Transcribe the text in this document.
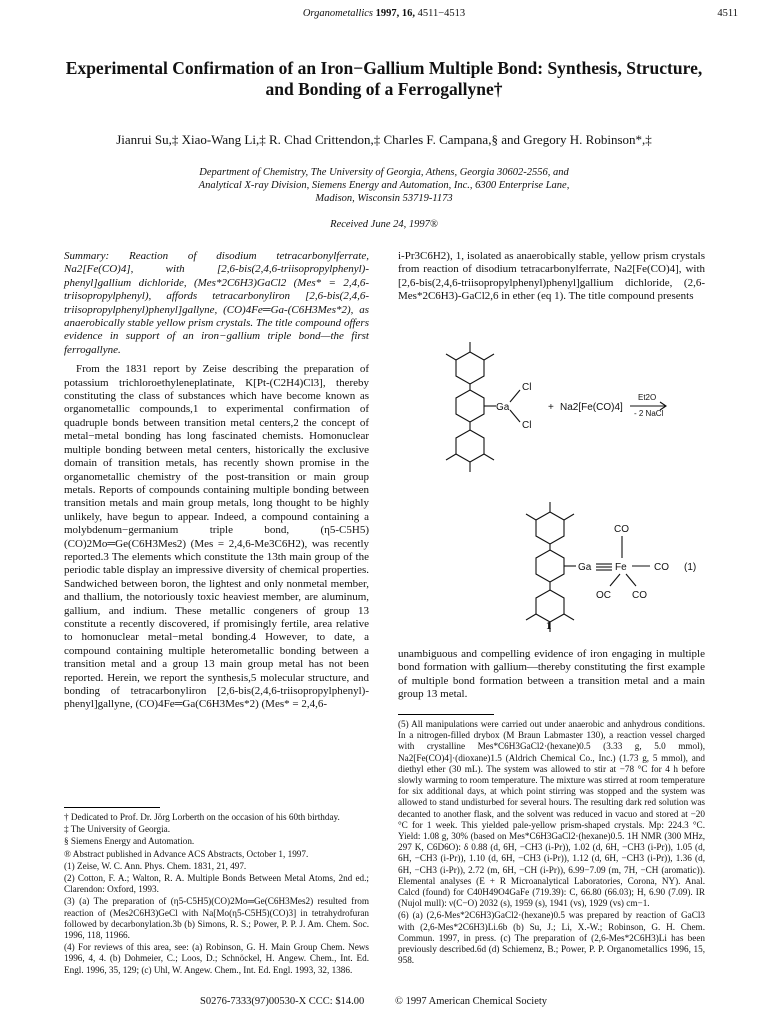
Organometallics 1997, 16, 4511−4513	4511
Experimental Confirmation of an Iron−Gallium Multiple Bond: Synthesis, Structure, and Bonding of a Ferrogallyne†
Jianrui Su,‡ Xiao-Wang Li,‡ R. Chad Crittendon,‡ Charles F. Campana,§ and Gregory H. Robinson*,‡
Department of Chemistry, The University of Georgia, Athens, Georgia 30602-2556, and
Analytical X-ray Division, Siemens Energy and Automation, Inc., 6300 Enterprise Lane,
Madison, Wisconsin 53719-1173
Received June 24, 1997®

Summary: Reaction of disodium tetracarbonylferrate, Na2[Fe(CO)4], with [2,6-bis(2,4,6-triisopropylphenyl)-phenyl]gallium dichloride, (Mes*2C6H3)GaCl2 (Mes* = 2,4,6-triisopropylphenyl), affords tetracarbonyliron [2,6-bis(2,4,6-triisopropylphenyl)phenyl]gallyne, (CO)4Fe═Ga-(C6H3Mes*2), as anaerobically stable yellow prism crystals. The title compound offers evidence in support of an iron−gallium triple bond—the first ferrogallyne.

From the 1831 report by Zeise describing the preparation of potassium trichloroethyleneplatinate, K[Pt-(C2H4)Cl3], thereby constituting the class of substances which have become known as organometallic compounds,1 to experimental confirmation of quadruple bonds between transition metal centers,2 the concept of metal−metal bonding has long fascinated chemists. Homonuclear multiple bonding between metal centers, historically the exclusive domain of transition metals, has recently shown promise in the organometallic chemistry of the post-transition or main group metals. Reports of compounds containing multiple bonding between transition metals and main group metals, long thought to be highly unlikely, have begun to appear. Indeed, a compound containing a molybdenum−germanium triple bond, (η5-C5H5)(CO)2Mo═Ge(C6H3Mes2) (Mes = 2,4,6-Me3C6H2), was recently reported.3 The elements which constitute the 13th main group of the periodic table display an impressive diversity of chemical properties. Sandwiched between boron, the lightest and only nonmetal member, and thallium, the notoriously toxic heaviest member, are aluminum, gallium, and indium. These metallic congeners of group 13 constitute a recently discovered, if promisingly fertile, area relative to homonuclear metal−metal bonding.4 However, to date, a compound containing multiple heterometallic bonding between a transition metal and a group 13 main group metal has not been reported. Herein, we report the synthesis,5 molecular structure, and bonding of tetracarbonyliron [2,6-bis(2,4,6-triisopropylphenyl)-phenyl]gallyne, (CO)4Fe═Ga(C6H3Mes*2) (Mes* = 2,4,6-

† Dedicated to Prof. Dr. Jörg Lorberth on the occasion of his 60th birthday.

‡ The University of Georgia.

§ Siemens Energy and Automation.

® Abstract published in Advance ACS Abstracts, October 1, 1997.

(1) Zeise, W. C. Ann. Phys. Chem. 1831, 21, 497.

(2) Cotton, F. A.; Walton, R. A. Multiple Bonds Between Metal Atoms, 2nd ed.; Clarendon: Oxford, 1993.

(3) (a) The preparation of (η5-C5H5)(CO)2Mo═Ge(C6H3Mes2) resulted from reaction of (Mes2C6H3)GeCl with Na[Mo(η5-C5H5)(CO)3] in tetrahydrofuran followed by decarbonylation.3b (b) Simons, R. S.; Power, P. P. J. Am. Chem. Soc. 1996, 118, 11966.

(4) For reviews of this area, see: (a) Robinson, G. H. Main Group Chem. News 1996, 4, 4. (b) Dohmeier, C.; Loos, D.; Schnöckel, H. Angew. Chem., Int. Ed. Engl. 1996, 35, 129; (c) Uhl, W. Angew. Chem., Int. Ed. Engl. 1993, 32, 1386.

i-Pr3C6H2), 1, isolated as anaerobically stable, yellow prism crystals from reaction of disodium tetracarbonylferrate, Na2[Fe(CO)4], with [2,6-bis(2,4,6-triisopropylphenyl)phenyl]gallium dichloride, (2,6-Mes*2C6H3)-GaCl2,6 in ether (eq 1). The title compound presents
Ga
Cl
Cl
+ Na2[Fe(CO)4]
Et2O
- 2 NaCl
Ga Fe
CO
CO
OC CO
(1)
1
unambiguous and compelling evidence of iron engaging in multiple bond formation with gallium—thereby constituting the first example of multiple bond formation between a transition metal and a main group 13 metal.

(5) All manipulations were carried out under anaerobic and anhydrous conditions. In a nitrogen-filled drybox (M Braun Labmaster 130), a reaction vessel charged with crystalline Mes*C6H3GaCl2·(hexane)0.5 (3.33 g, 5.0 mmol), Na2[Fe(CO)4]·(dioxane)1.5 (Aldrich Chemical Co., Inc.) (1.73 g, 5 mmol), and diethyl ether (30 mL). The system was allowed to stir at −78 °C for 4 h before slowly warming to room temperature. The mixture was stirred at room temperature for six additional days, at which point stirring was stopped and the system was allowed to stand undisturbed for several hours. The resulting dark red solution was decanted to another flask, and the solvent was reduced in vacuo and stored at −20 °C for 1 week. This yielded pale-yellow prism-shaped crystals. Mp: 224.3 °C. Yield: 1.08 g, 30% (based on Mes*C6H3GaCl2·(hexane)0.5. 1H NMR (300 MHz, 297 K, C6D6O): δ 0.88 (d, 6H, −CH3 (i-Pr)), 1.02 (d, 6H, −CH3 (i-Pr)), 1.05 (d, 6H, −CH3 (i-Pr)), 1.10 (d, 6H, −CH3 (i-Pr)), 1.12 (d, 6H, −CH3 (i-Pr)), 1.36 (d, 6H, −CH3 (i-Pr)), 2.72 (m, 6H, −CH (i-Pr)), 6.99−7.09 (m, 7H, −CH (aromatic)). Elemental analyses (E + R Microanalytical Laboratories, Corona, NY). Anal. Calcd (found) for C40H49O4GaFe (719.39): C, 66.80 (66.03); H, 6.90 (7.09). IR (Nujol mull): ν(C−O) 2032 (s), 1959 (s), 1941 (vs), 1929 (vs) cm−1.

(6) (a) (2,6-Mes*2C6H3)GaCl2·(hexane)0.5 was prepared by reaction of GaCl3 with (2,6-Mes*2C6H3)Li.6b (b) Su, J.; Li, X.-W.; Robinson, G. H. Chem. Commun. 1997, in press. (c) The preparation of (2,6-Mes*2C6H3)Li has been previously described.6d (d) Schiemenz, B.; Power, P. P. Organometallics 1996, 15, 958.

S0276-7333(97)00530-X CCC: $14.00	© 1997 American Chemical Society
